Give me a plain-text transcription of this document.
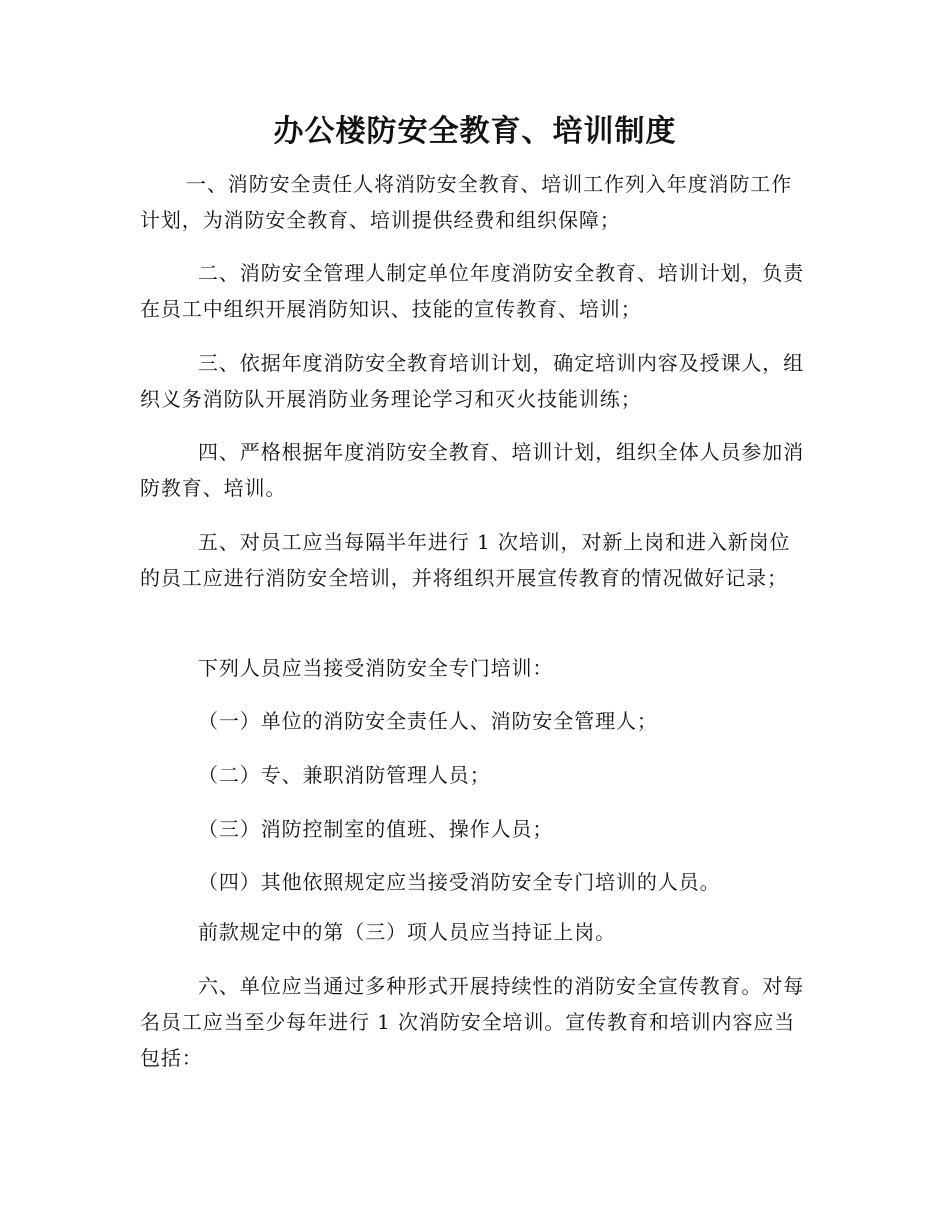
办公楼防安全教育、培训制度

一、消防安全责任人将消防安全教育、培训工作列入年度消防工作计划，为消防安全教育、培训提供经费和组织保障；

二、消防安全管理人制定单位年度消防安全教育、培训计划，负责在员工中组织开展消防知识、技能的宣传教育、培训；

三、依据年度消防安全教育培训计划，确定培训内容及授课人，组织义务消防队开展消防业务理论学习和灭火技能训练；

四、严格根据年度消防安全教育、培训计划，组织全体人员参加消防教育、培训。

五、对员工应当每隔半年进行 1 次培训，对新上岗和进入新岗位的员工应进行消防安全培训，并将组织开展宣传教育的情况做好记录；

下列人员应当接受消防安全专门培训：

（一）单位的消防安全责任人、消防安全管理人；

（二）专、兼职消防管理人员；

（三）消防控制室的值班、操作人员；

（四）其他依照规定应当接受消防安全专门培训的人员。

前款规定中的第（三）项人员应当持证上岗。

六、单位应当通过多种形式开展持续性的消防安全宣传教育。对每名员工应当至少每年进行 1 次消防安全培训。宣传教育和培训内容应当包括：
